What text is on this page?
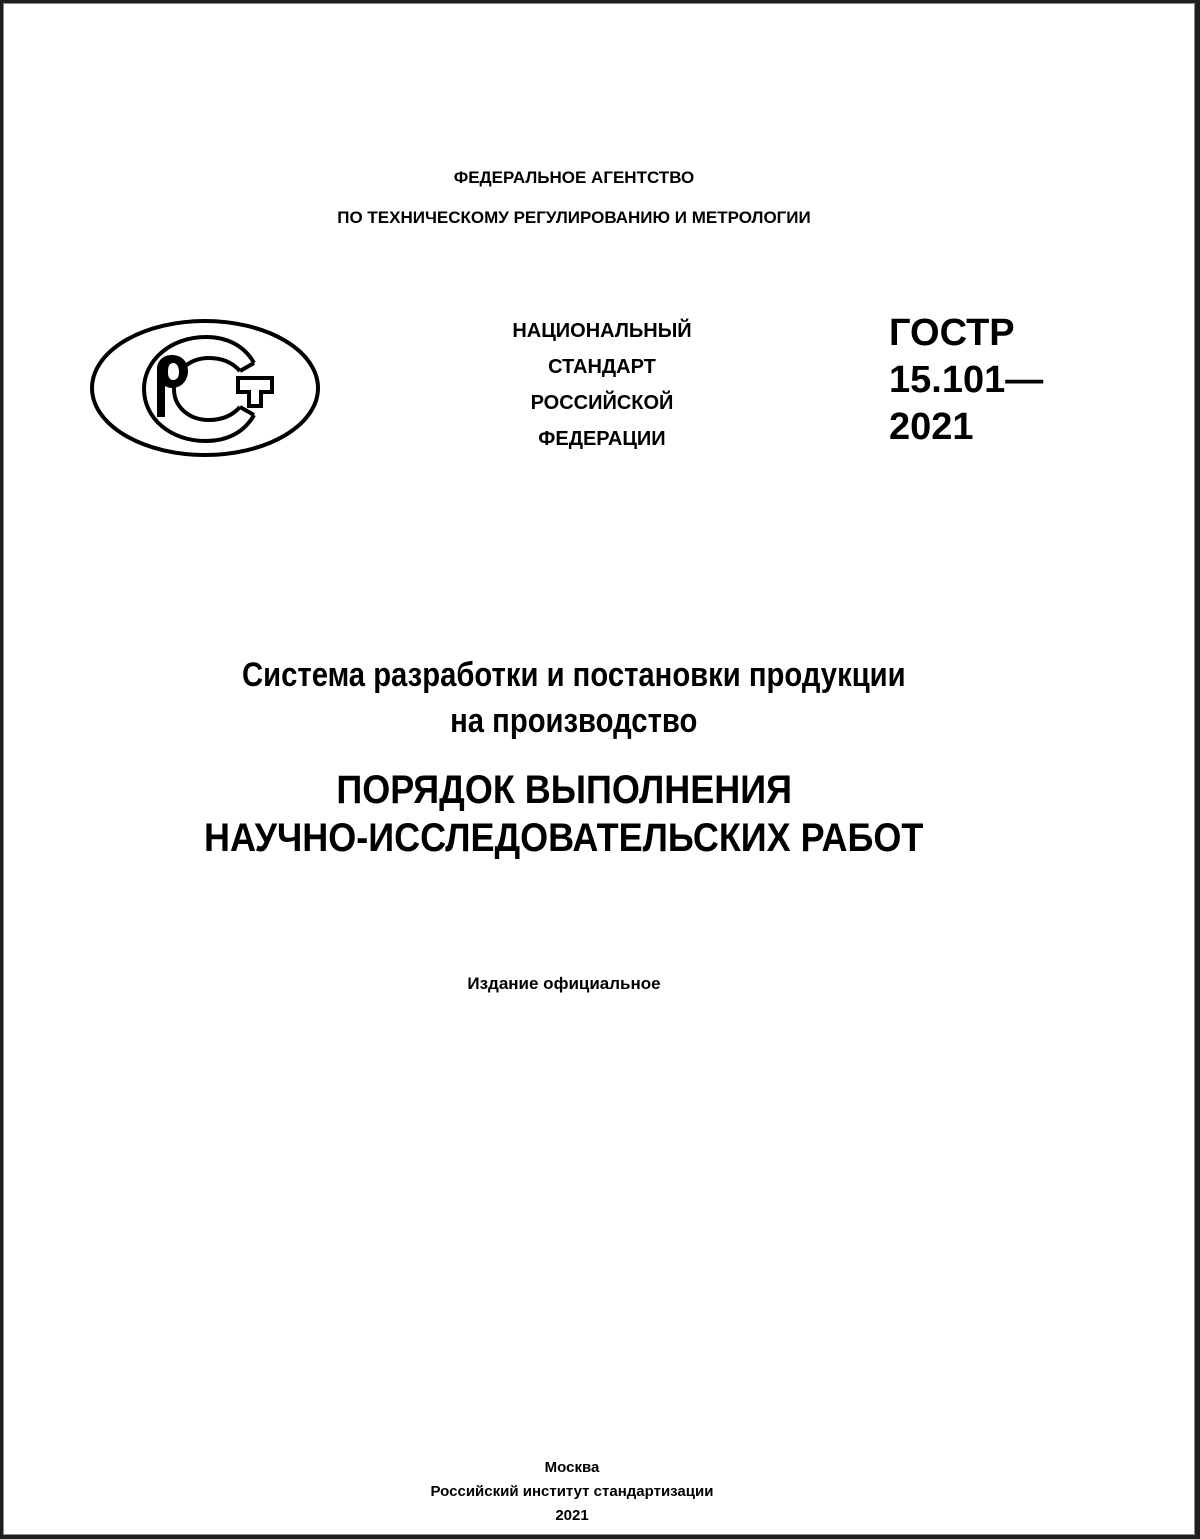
ФЕДЕРАЛЬНОЕ АГЕНТСТВО
ПО ТЕХНИЧЕСКОМУ РЕГУЛИРОВАНИЮ И МЕТРОЛОГИИ
НАЦИОНАЛЬНЫЙ
СТАНДАРТ
РОССИЙСКОЙ
ФЕДЕРАЦИИ
ГОСТР
15.101—
2021
Система разработки и постановки продукции
на производство
ПОРЯДОК ВЫПОЛНЕНИЯ
НАУЧНО-ИССЛЕДОВАТЕЛЬСКИХ РАБОТ
Издание официальное
Москва
Российский институт стандартизации
2021
